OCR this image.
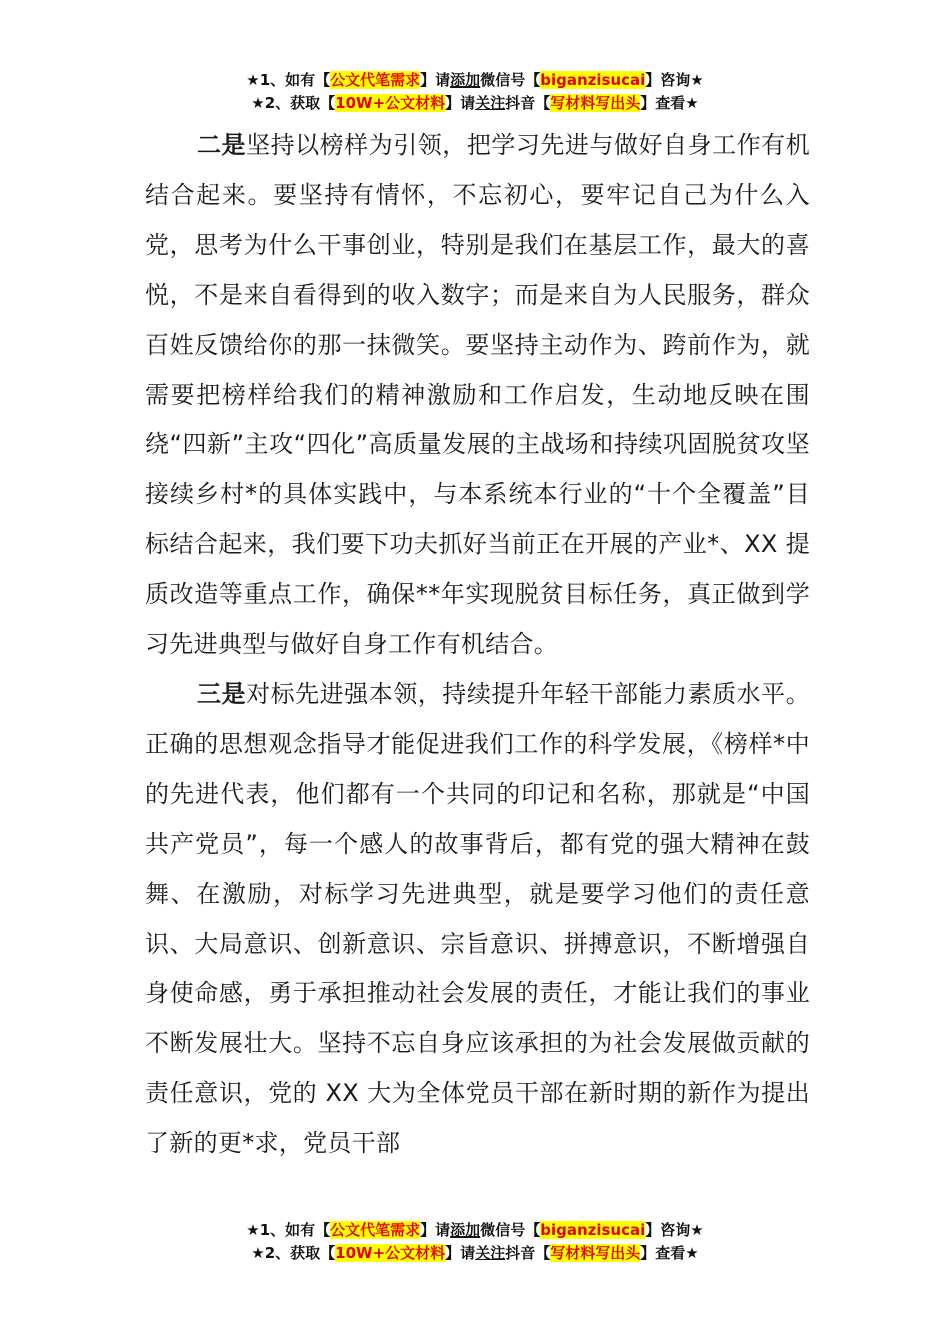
★1、如有【公文代笔需求】请添加微信号【biganzisucai】咨询★
★2、获取【10W+公文材料】请关注抖音【写材料写出头】查看★

二是坚持以榜样为引领，把学习先进与做好自身工作有机结合起来。要坚持有情怀，不忘初心，要牢记自己为什么入党，思考为什么干事创业，特别是我们在基层工作，最大的喜悦，不是来自看得到的收入数字；而是来自为人民服务，群众百姓反馈给你的那一抹微笑。要坚持主动作为、跨前作为，就需要把榜样给我们的精神激励和工作启发，生动地反映在围绕“四新”主攻“四化”高质量发展的主战场和持续巩固脱贫攻坚接续乡村*的具体实践中，与本系统本行业的“十个全覆盖”目标结合起来，我们要下功夫抓好当前正在开展的产业*、XX 提质改造等重点工作，确保**年实现脱贫目标任务，真正做到学习先进典型与做好自身工作有机结合。

三是对标先进强本领，持续提升年轻干部能力素质水平。正确的思想观念指导才能促进我们工作的科学发展，《榜样*中的先进代表，他们都有一个共同的印记和名称，那就是“中国共产党员”，每一个感人的故事背后，都有党的强大精神在鼓舞、在激励，对标学习先进典型，就是要学习他们的责任意识、大局意识、创新意识、宗旨意识、拼搏意识，不断增强自身使命感，勇于承担推动社会发展的责任，才能让我们的事业不断发展壮大。坚持不忘自身应该承担的为社会发展做贡献的责任意识，党的 XX 大为全体党员干部在新时期的新作为提出了新的更*求，党员干部

★1、如有【公文代笔需求】请添加微信号【biganzisucai】咨询★
★2、获取【10W+公文材料】请关注抖音【写材料写出头】查看★
